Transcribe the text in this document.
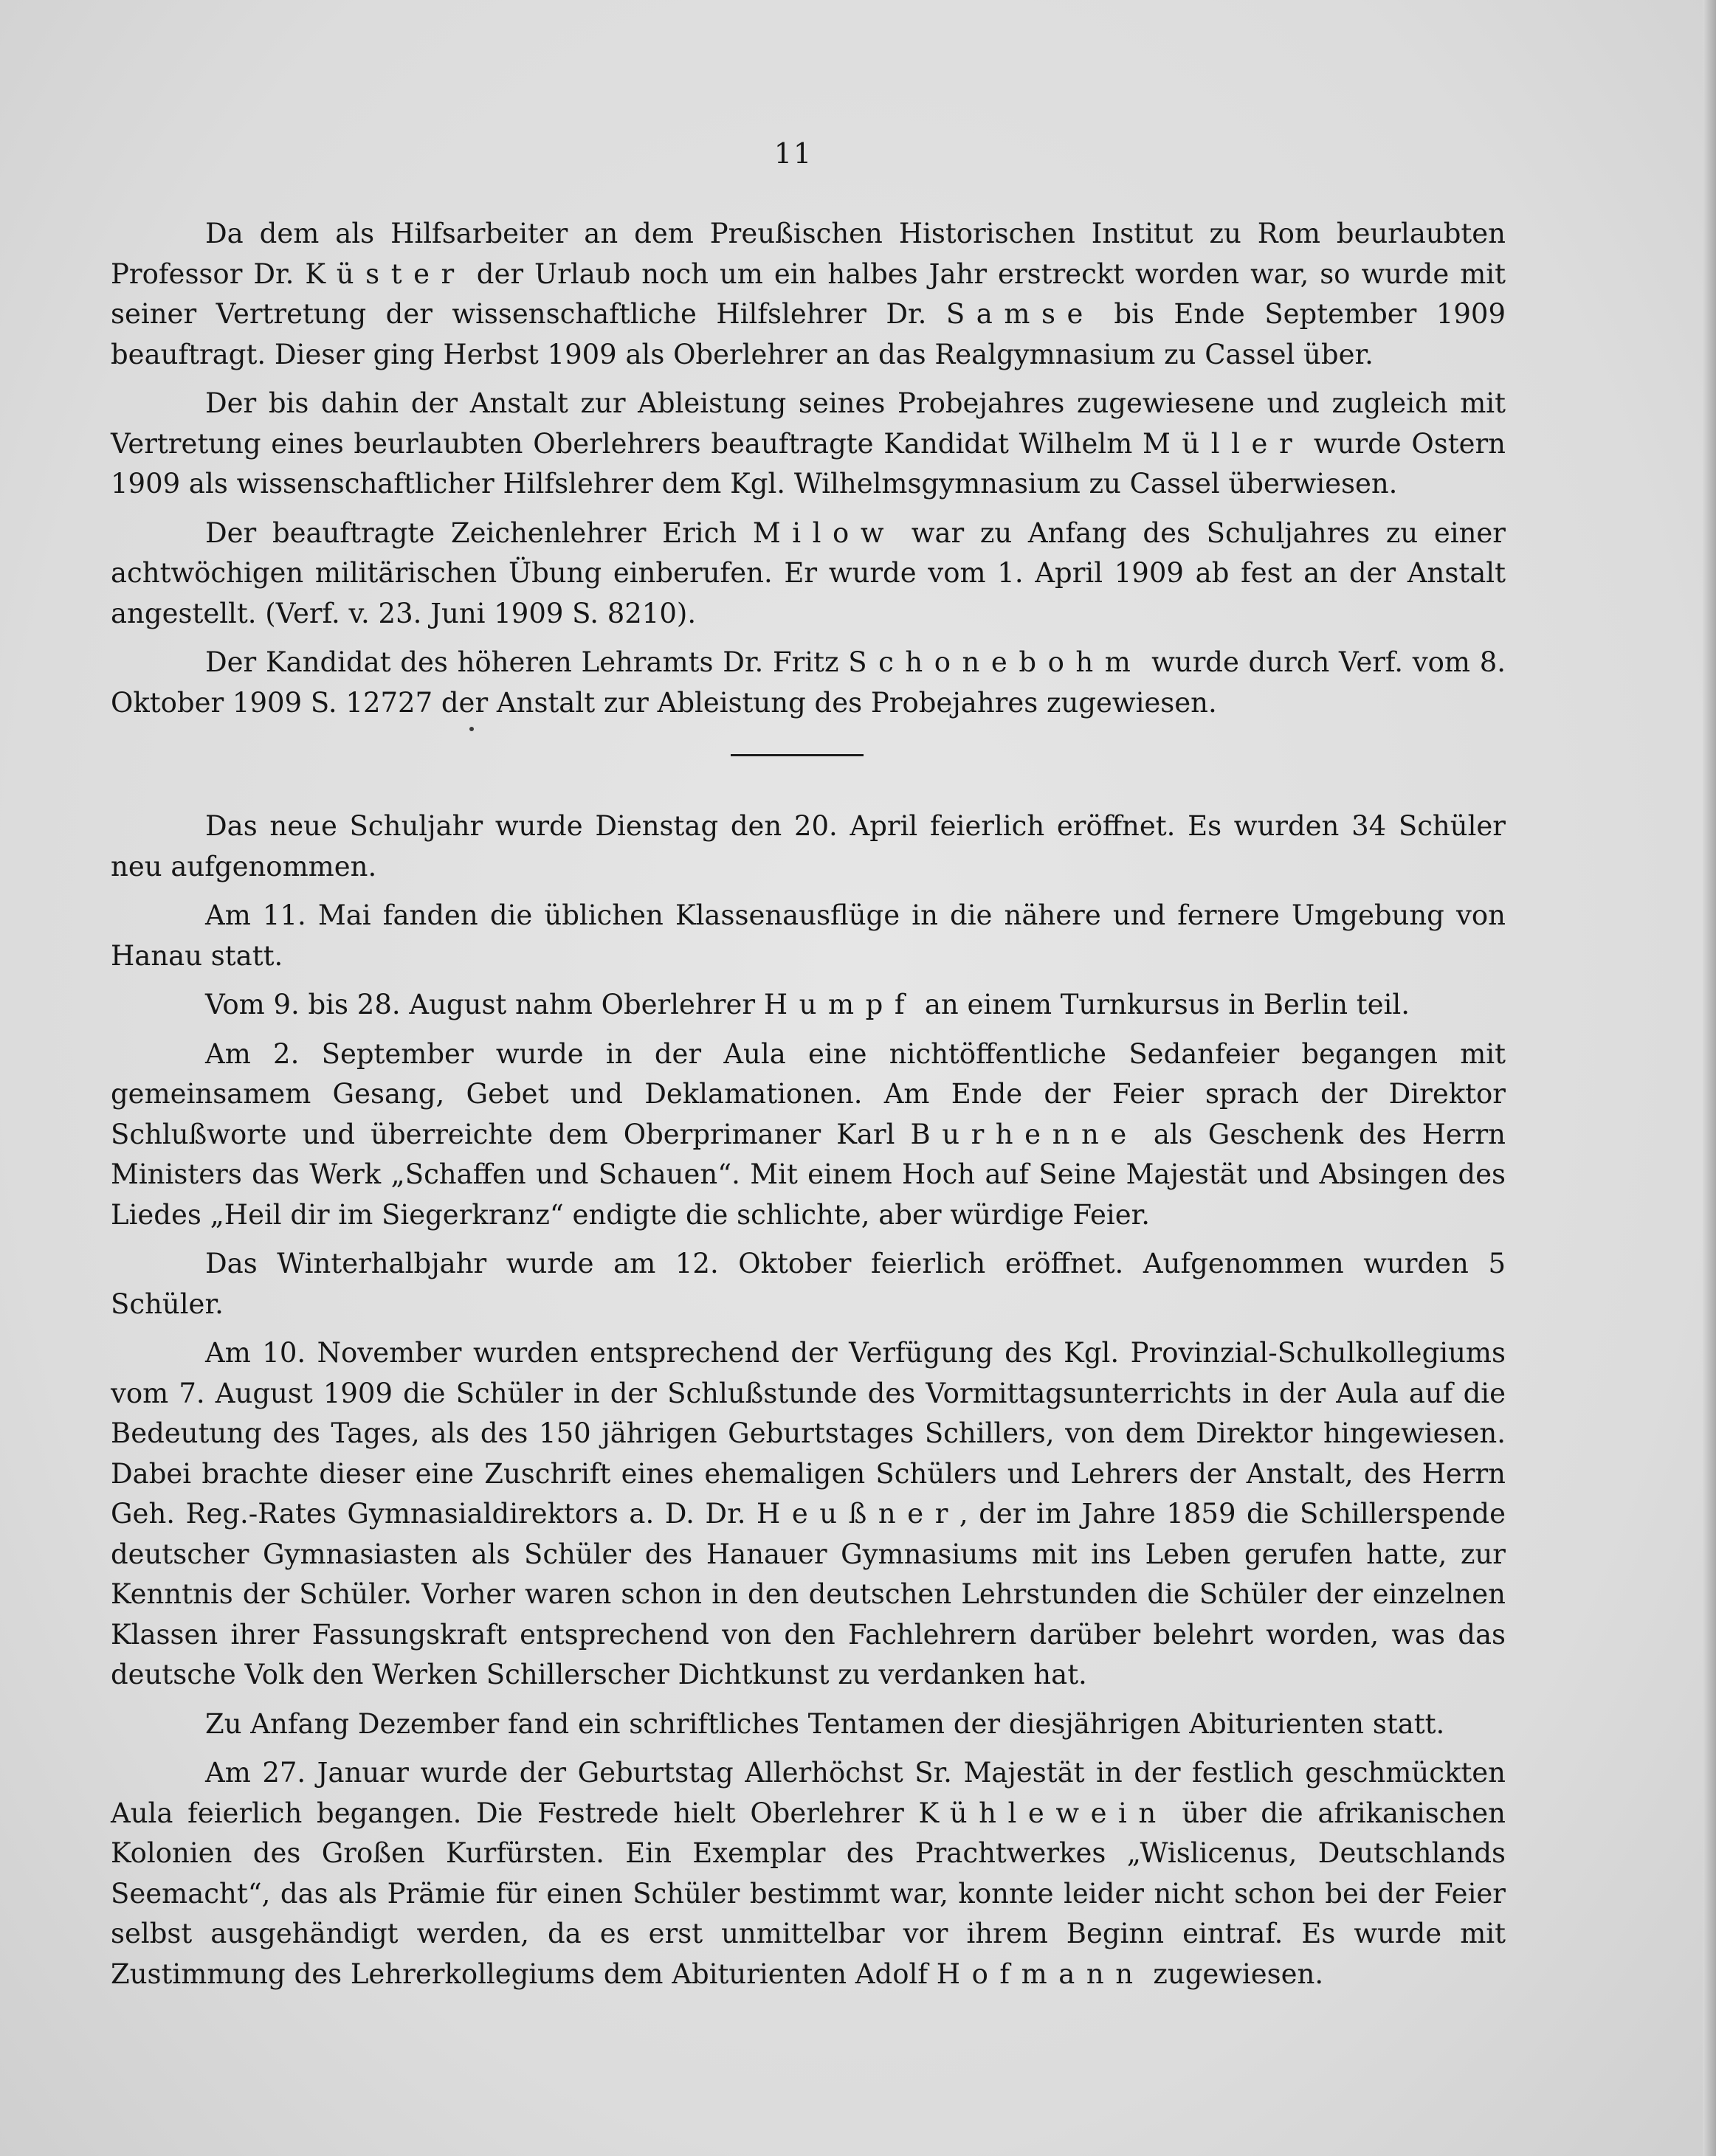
11

Da dem als Hilfsarbeiter an dem Preußischen Historischen Institut zu Rom beurlaubten Professor Dr. Küster der Urlaub noch um ein halbes Jahr erstreckt worden war, so wurde mit seiner Vertretung der wissenschaftliche Hilfslehrer Dr. Samse bis Ende September 1909 beauftragt. Dieser ging Herbst 1909 als Oberlehrer an das Realgymnasium zu Cassel über.

Der bis dahin der Anstalt zur Ableistung seines Probejahres zugewiesene und zugleich mit Vertretung eines beurlaubten Oberlehrers beauftragte Kandidat Wilhelm Müller wurde Ostern 1909 als wissenschaftlicher Hilfslehrer dem Kgl. Wilhelmsgymnasium zu Cassel überwiesen.

Der beauftragte Zeichenlehrer Erich Milow war zu Anfang des Schuljahres zu einer achtwöchigen militärischen Übung einberufen. Er wurde vom 1. April 1909 ab fest an der Anstalt angestellt. (Verf. v. 23. Juni 1909 S. 8210).

Der Kandidat des höheren Lehramts Dr. Fritz Schonebohm wurde durch Verf. vom 8. Oktober 1909 S. 12727 der Anstalt zur Ableistung des Probejahres zugewiesen.

Das neue Schuljahr wurde Dienstag den 20. April feierlich eröffnet. Es wurden 34 Schüler neu aufgenommen.

Am 11. Mai fanden die üblichen Klassenausflüge in die nähere und fernere Umgebung von Hanau statt.

Vom 9. bis 28. August nahm Oberlehrer Humpf an einem Turnkursus in Berlin teil.

Am 2. September wurde in der Aula eine nichtöffentliche Sedanfeier begangen mit gemeinsamem Gesang, Gebet und Deklamationen. Am Ende der Feier sprach der Direktor Schlußworte und überreichte dem Oberprimaner Karl Burhenne als Geschenk des Herrn Ministers das Werk „Schaffen und Schauen“. Mit einem Hoch auf Seine Majestät und Absingen des Liedes „Heil dir im Siegerkranz“ endigte die schlichte, aber würdige Feier.

Das Winterhalbjahr wurde am 12. Oktober feierlich eröffnet. Aufgenommen wurden 5 Schüler.

Am 10. November wurden entsprechend der Verfügung des Kgl. Provinzial-Schulkollegiums vom 7. August 1909 die Schüler in der Schlußstunde des Vormittagsunterrichts in der Aula auf die Bedeutung des Tages, als des 150 jährigen Geburtstages Schillers, von dem Direktor hingewiesen. Dabei brachte dieser eine Zuschrift eines ehemaligen Schülers und Lehrers der Anstalt, des Herrn Geh. Reg.-Rates Gymnasialdirektors a. D. Dr. Heußner, der im Jahre 1859 die Schillerspende deutscher Gymnasiasten als Schüler des Hanauer Gymnasiums mit ins Leben gerufen hatte, zur Kenntnis der Schüler. Vorher waren schon in den deutschen Lehrstunden die Schüler der einzelnen Klassen ihrer Fassungskraft entsprechend von den Fachlehrern darüber belehrt worden, was das deutsche Volk den Werken Schillerscher Dichtkunst zu verdanken hat.

Zu Anfang Dezember fand ein schriftliches Tentamen der diesjährigen Abiturienten statt.

Am 27. Januar wurde der Geburtstag Allerhöchst Sr. Majestät in der festlich geschmückten Aula feierlich begangen. Die Festrede hielt Oberlehrer Kühlewein über die afrikanischen Kolonien des Großen Kurfürsten. Ein Exemplar des Prachtwerkes „Wislicenus, Deutschlands Seemacht“, das als Prämie für einen Schüler bestimmt war, konnte leider nicht schon bei der Feier selbst ausgehändigt werden, da es erst unmittelbar vor ihrem Beginn eintraf. Es wurde mit Zustimmung des Lehrerkollegiums dem Abiturienten Adolf Hofmann zugewiesen.
